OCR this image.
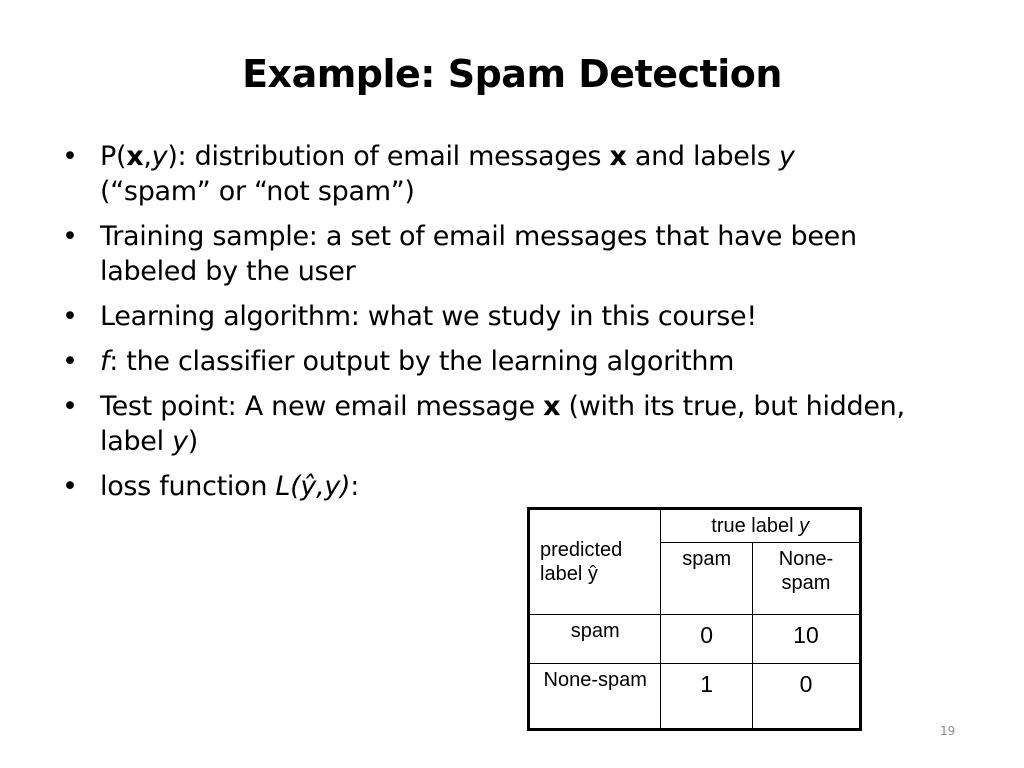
Example: Spam Detection
• P(x,y): distribution of email messages x and labels y
(“spam” or “not spam”)
• Training sample: a set of email messages that have been labeled by the user
• Learning algorithm: what we study in this course!
• f: the classifier output by the learning algorithm
• Test point: A new email message x (with its true, but hidden, label y)
• loss function L(ŷ,y):
predicted
label ŷ	true label y	
	spam	None-spam
spam	0	10
None-spam	1	0
19
